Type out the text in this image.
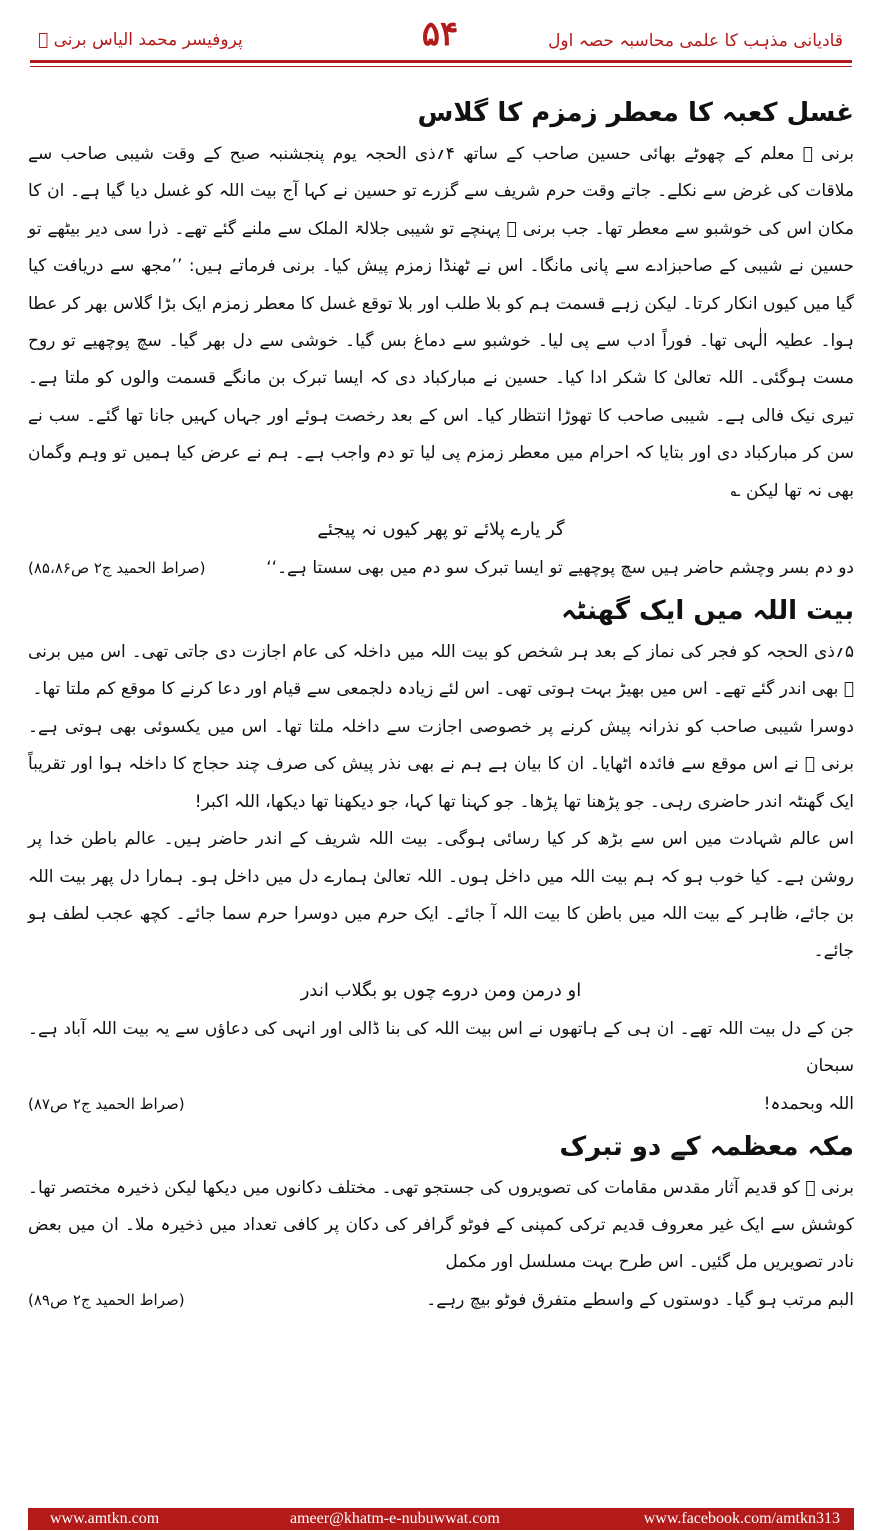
قادیانی مذہب کا علمی محاسبہ حصہ اول
۵۴
پروفیسر محمد الیاس برنی ﷫
غسل کعبہ کا معطر زمزم کا گلاس

برنی ﷫ معلم کے چھوٹے بھائی حسین صاحب کے ساتھ ۴؍ذی الحجہ یوم پنجشنبہ صبح کے وقت شیبی صاحب سے ملاقات کی غرض سے نکلے۔ جاتے وقت حرم شریف سے گزرے تو حسین نے کہا آج بیت اللہ کو غسل دیا گیا ہے۔ ان کا مکان اس کی خوشبو سے معطر تھا۔ جب برنی ﷫ پہنچے تو شیبی جلالۃ الملک سے ملنے گئے تھے۔ ذرا سی دیر بیٹھے تو حسین نے شیبی کے صاحبزادے سے پانی مانگا۔ اس نے ٹھنڈا زمزم پیش کیا۔ برنی فرماتے ہیں: ’’مجھ سے دریافت کیا گیا میں کیوں انکار کرتا۔ لیکن زہے قسمت ہم کو بلا طلب اور بلا توقع غسل کا معطر زمزم ایک بڑا گلاس بھر کر عطا ہوا۔ عطیہ الٰہی تھا۔ فوراً ادب سے پی لیا۔ خوشبو سے دماغ بس گیا۔ خوشی سے دل بھر گیا۔ سچ پوچھیے تو روح مست ہوگئی۔ اللہ تعالیٰ کا شکر ادا کیا۔ حسین نے مبارکباد دی کہ ایسا تبرک بن مانگے قسمت والوں کو ملتا ہے۔ تیری نیک فالی ہے۔ شیبی صاحب کا تھوڑا انتظار کیا۔ اس کے بعد رخصت ہوئے اور جہاں کہیں جانا تھا گئے۔ سب نے سن کر مبارکباد دی اور بتایا کہ احرام میں معطر زمزم پی لیا تو دم واجب ہے۔ ہم نے عرض کیا ہمیں تو وہم وگمان بھی نہ تھا لیکن ؎

گر یارے پلائے تو پھر کیوں نہ پیجئے

دو دم بسر وچشم حاضر ہیں سچ پوچھیے تو ایسا تبرک سو دم میں بھی سستا ہے۔‘‘
(صراط الحمید ج۲ ص۸۵،۸۶)
بیت اللہ میں ایک گھنٹہ

۵؍ذی الحجہ کو فجر کی نماز کے بعد ہر شخص کو بیت اللہ میں داخلہ کی عام اجازت دی جاتی تھی۔ اس میں برنی ﷫ بھی اندر گئے تھے۔ اس میں بھیڑ بہت ہوتی تھی۔ اس لئے زیادہ دلجمعی سے قیام اور دعا کرنے کا موقع کم ملتا تھا۔

دوسرا شیبی صاحب کو نذرانہ پیش کرنے پر خصوصی اجازت سے داخلہ ملتا تھا۔ اس میں یکسوئی بھی ہوتی ہے۔ برنی ﷫ نے اس موقع سے فائدہ اٹھایا۔ ان کا بیان ہے ہم نے بھی نذر پیش کی صرف چند حجاج کا داخلہ ہوا اور تقریباً ایک گھنٹہ اندر حاضری رہی۔ جو پڑھنا تھا پڑھا۔ جو کہنا تھا کہا، جو دیکھنا تھا دیکھا، اللہ اکبر!

اس عالم شہادت میں اس سے بڑھ کر کیا رسائی ہوگی۔ بیت اللہ شریف کے اندر حاضر ہیں۔ عالم باطن خدا پر روشن ہے۔ کیا خوب ہو کہ ہم بیت اللہ میں داخل ہوں۔ اللہ تعالیٰ ہمارے دل میں داخل ہو۔ ہمارا دل پھر بیت اللہ بن جائے، ظاہر کے بیت اللہ میں باطن کا بیت اللہ آ جائے۔ ایک حرم میں دوسرا حرم سما جائے۔ کچھ عجب لطف ہو جائے۔

او درمن ومن دروے چوں بو بگلاب اندر

جن کے دل بیت اللہ تھے۔ ان ہی کے ہاتھوں نے اس بیت اللہ کی بنا ڈالی اور انہی کی دعاؤں سے یہ بیت اللہ آباد ہے۔ سبحان

اللہ وبحمدہ!
(صراط الحمید ج۲ ص۸۷)
مکہ معظمہ کے دو تبرک

برنی ﷫ کو قدیم آثار مقدس مقامات کی تصویروں کی جستجو تھی۔ مختلف دکانوں میں دیکھا لیکن ذخیرہ مختصر تھا۔ کوشش سے ایک غیر معروف قدیم ترکی کمپنی کے فوٹو گرافر کی دکان پر کافی تعداد میں ذخیرہ ملا۔ ان میں بعض نادر تصویریں مل گئیں۔ اس طرح بہت مسلسل اور مکمل

البم مرتب ہو گیا۔ دوستوں کے واسطے متفرق فوٹو بیچ رہے۔
(صراط الحمید ج۲ ص۸۹)
www.amtkn.com	ameer@khatm-e-nubuwwat.com	www.facebook.com/amtkn313
